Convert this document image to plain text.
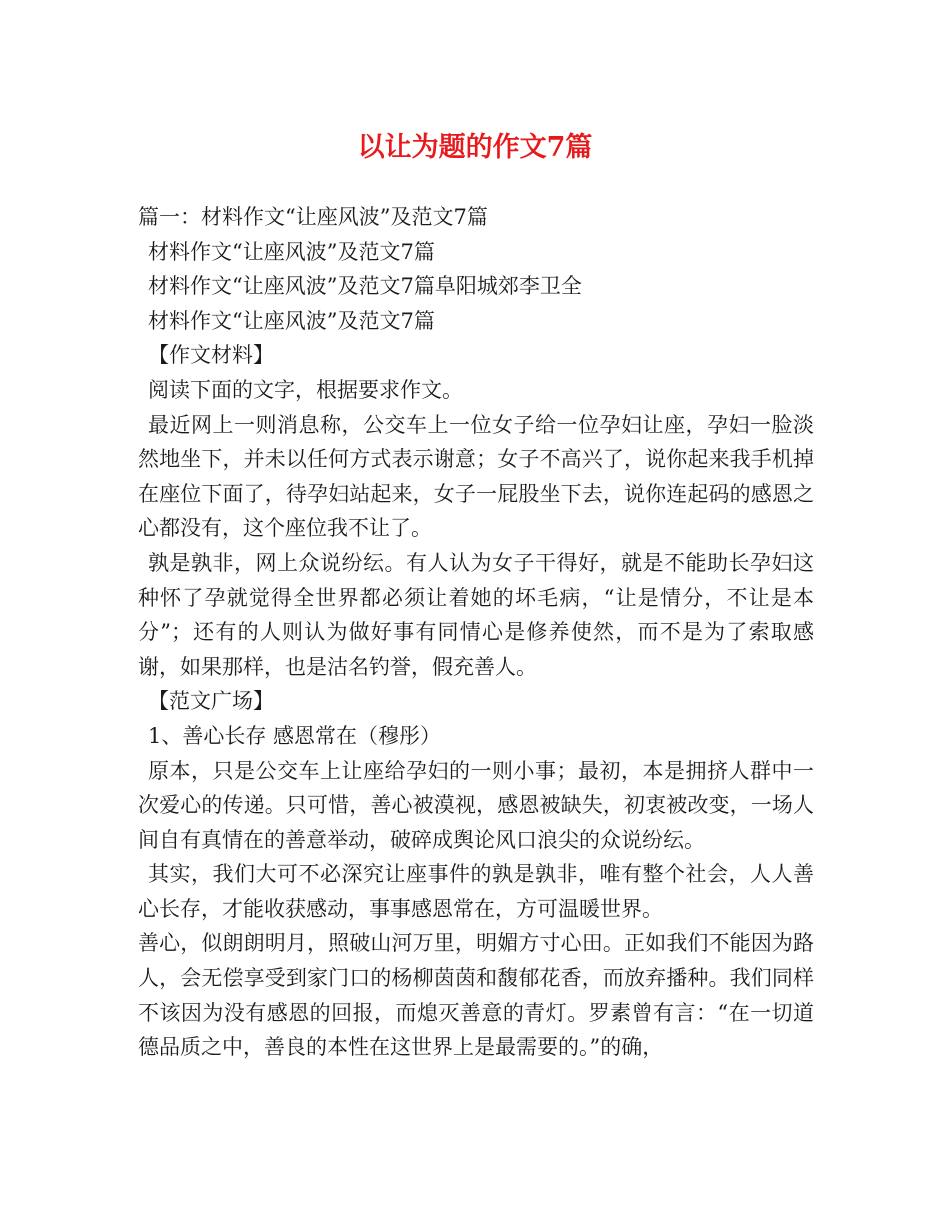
以让为题的作文7篇

篇一：材料作文“让座风波”及范文7篇

材料作文“让座风波”及范文7篇

材料作文“让座风波”及范文7篇阜阳城郊李卫全

材料作文“让座风波”及范文7篇

【作文材料】

阅读下面的文字，根据要求作文。

最近网上一则消息称，公交车上一位女子给一位孕妇让座，孕妇一脸淡然地坐下，并未以任何方式表示谢意；女子不高兴了，说你起来我手机掉在座位下面了，待孕妇站起来，女子一屁股坐下去，说你连起码的感恩之心都没有，这个座位我不让了。

孰是孰非，网上众说纷纭。有人认为女子干得好，就是不能助长孕妇这种怀了孕就觉得全世界都必须让着她的坏毛病，“让是情分，不让是本分”；还有的人则认为做好事有同情心是修养使然，而不是为了索取感谢，如果那样，也是沽名钓誉，假充善人。

【范文广场】

1、善心长存 感恩常在（穆彤）

原本，只是公交车上让座给孕妇的一则小事；最初，本是拥挤人群中一次爱心的传递。只可惜，善心被漠视，感恩被缺失，初衷被改变，一场人间自有真情在的善意举动，破碎成舆论风口浪尖的众说纷纭。

其实，我们大可不必深究让座事件的孰是孰非，唯有整个社会，人人善心长存，才能收获感动，事事感恩常在，方可温暖世界。

善心，似朗朗明月，照破山河万里，明媚方寸心田。正如我们不能因为路人，会无偿享受到家门口的杨柳茵茵和馥郁花香，而放弃播种。我们同样不该因为没有感恩的回报，而熄灭善意的青灯。罗素曾有言：“在一切道德品质之中，善良的本性在这世界上是最需要的。”的确，
